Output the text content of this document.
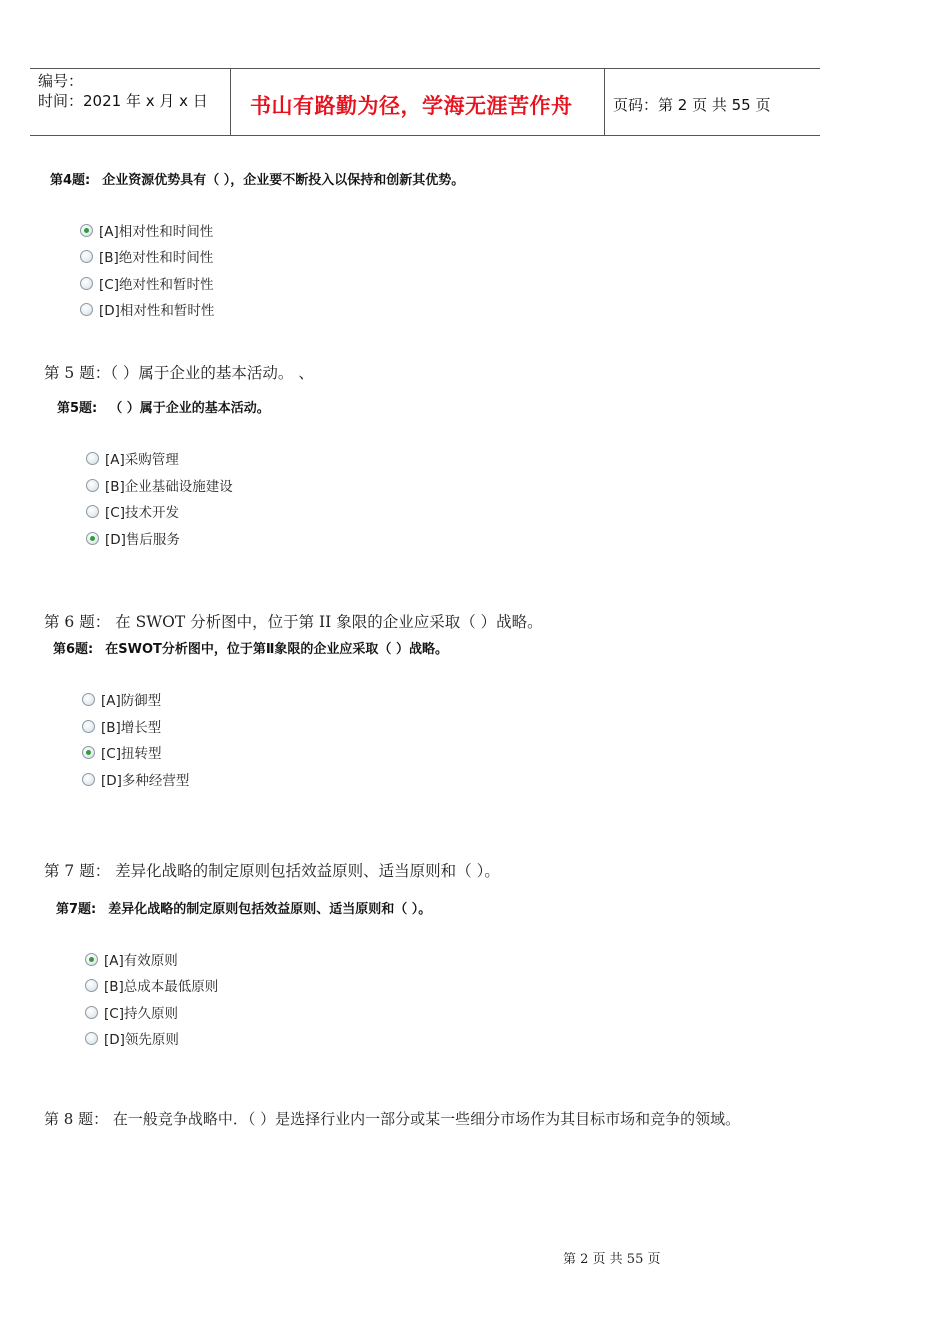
编号：
时间：2021 年 x 月 x 日 书山有路勤为径，学海无涯苦作舟	页码：第 2 页 共 55 页
第4题: 企业资源优势具有（ ），企业要不断投入以保持和创新其优势。
[A]相对性和时间性
[B]绝对性和时间性
[C]绝对性和暂时性
[D]相对性和暂时性
第 5 题：（ ）属于企业的基本活动。 、
第5题: （ ）属于企业的基本活动。
[A]采购管理
[B]企业基础设施建设
[C]技术开发
[D]售后服务
第 6 题： 在 SWOT 分析图中，位于第 II 象限的企业应采取（ ）战略。
第6题: 在SWOT分析图中，位于第Ⅱ象限的企业应采取（ ）战略。
[A]防御型
[B]增长型
[C]扭转型
[D]多种经营型
第 7 题： 差异化战略的制定原则包括效益原则、适当原则和（ ）。
第7题: 差异化战略的制定原则包括效益原则、适当原则和（ ）。
[A]有效原则
[B]总成本最低原则
[C]持久原则
[D]领先原则
第 8 题： 在一般竞争战略中．（ ）是选择行业内一部分或某一些细分市场作为其目标市场和竞争的领域。
第 2 页 共 55 页
